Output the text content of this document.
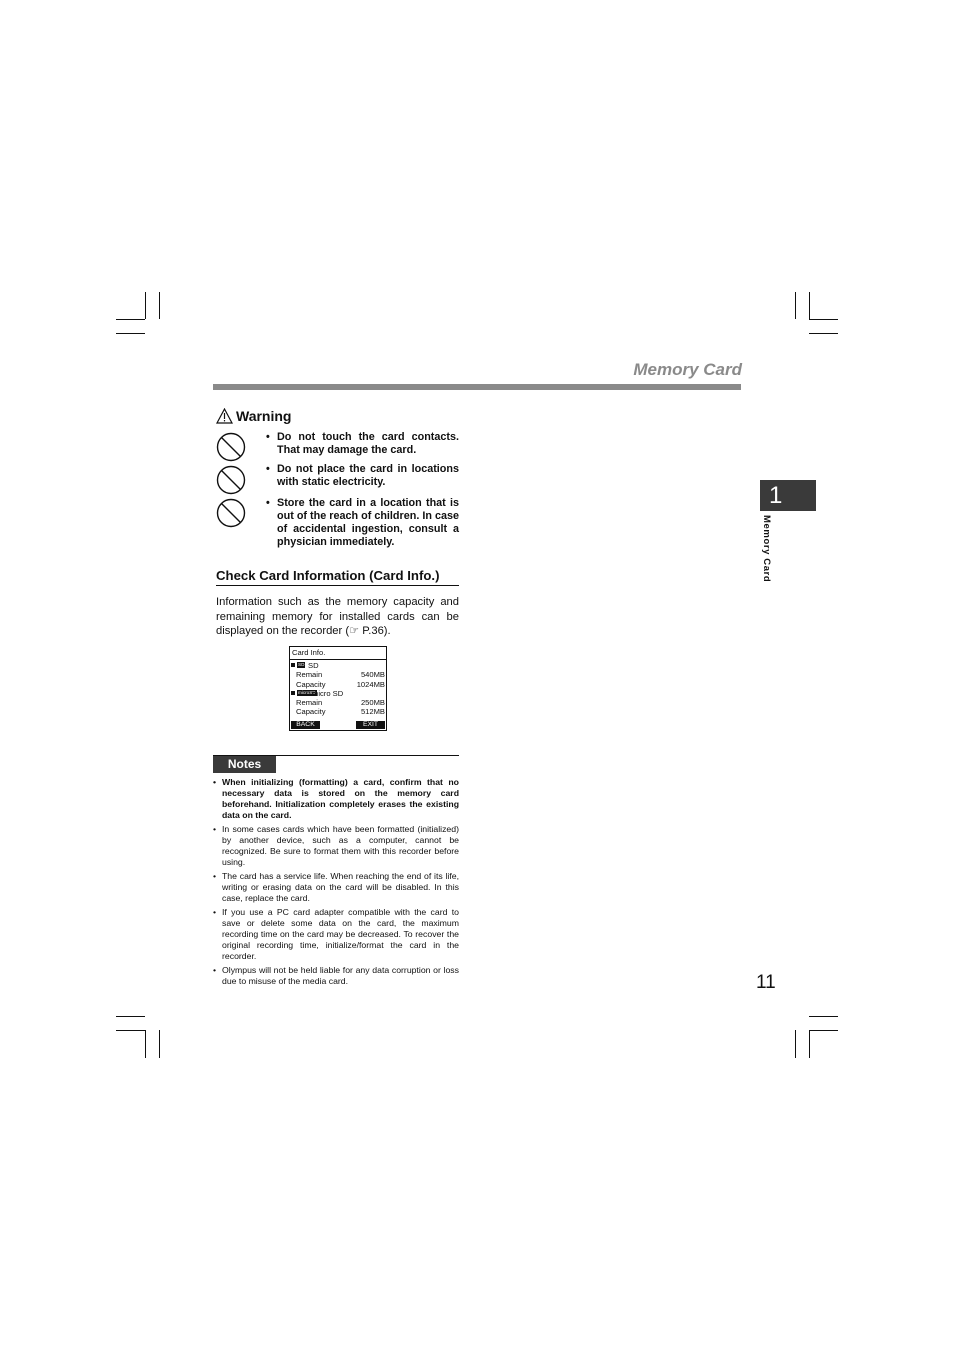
Memory Card
Warning
• Do not touch the card contacts. That may damage the card.
• Do not place the card in locations with static electricity.
• Store the card in a location that is out of the reach of children. In case of accidental ingestion, consult a physician immediately.
Check Card Information (Card Info.)
Information such as the memory capacity and remaining memory for installed cards can be displayed on the recorder (☞ P.36).
Card Info.
SD SD
Remain	540MB
Capacity	1024MB
microSD
micro SD
Remain	250MB
Capacity	512MB
BACK	EXIT
Notes
• When initializing (formatting) a card, confirm that no necessary data is stored on the memory card beforehand. Initialization completely erases the existing data on the card.
• In some cases cards which have been formatted (initialized) by another device, such as a computer, cannot be recognized. Be sure to format them with this recorder before using.
• The card has a service life. When reaching the end of its life, writing or erasing data on the card will be disabled. In this case, replace the card.
• If you use a PC card adapter compatible with the card to save or delete some data on the card, the maximum recording time on the card may be decreased. To recover the original recording time, initialize/format the card in the recorder.
• Olympus will not be held liable for any data corruption or loss due to misuse of the media card.
1
Memory Card
11
